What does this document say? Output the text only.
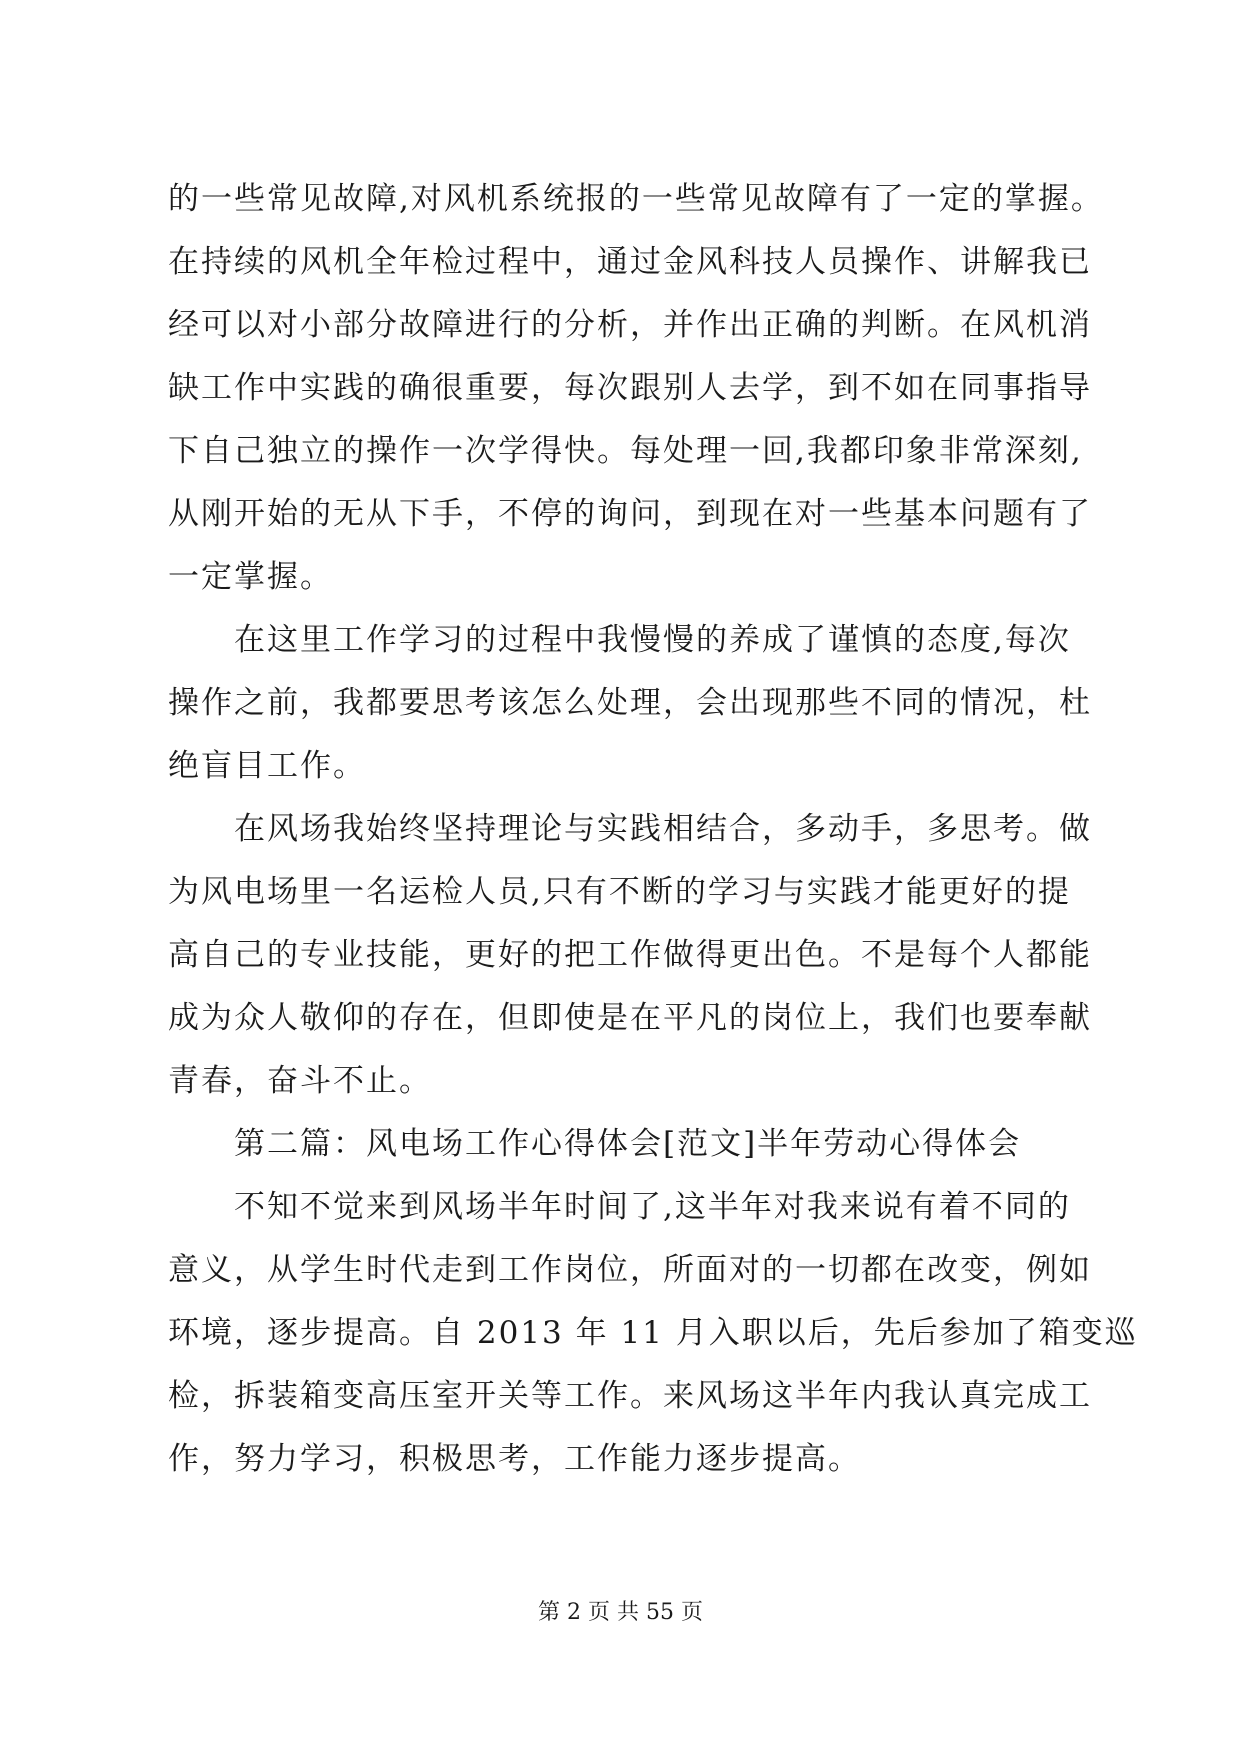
的一些常见故障,对风机系统报的一些常见故障有了一定的掌握。
在持续的风机全年检过程中，通过金风科技人员操作、讲解我已
经可以对小部分故障进行的分析，并作出正确的判断。在风机消
缺工作中实践的确很重要，每次跟别人去学，到不如在同事指导
下自己独立的操作一次学得快。每处理一回,我都印象非常深刻,
从刚开始的无从下手，不停的询问，到现在对一些基本问题有了
一定掌握。
在这里工作学习的过程中我慢慢的养成了谨慎的态度,每次
操作之前，我都要思考该怎么处理，会出现那些不同的情况，杜
绝盲目工作。
在风场我始终坚持理论与实践相结合，多动手，多思考。做
为风电场里一名运检人员,只有不断的学习与实践才能更好的提
高自己的专业技能，更好的把工作做得更出色。不是每个人都能
成为众人敬仰的存在，但即使是在平凡的岗位上，我们也要奉献
青春，奋斗不止。
第二篇：风电场工作心得体会[范文]半年劳动心得体会
不知不觉来到风场半年时间了,这半年对我来说有着不同的
意义，从学生时代走到工作岗位，所面对的一切都在改变，例如
环境，逐步提高。自 2013 年 11 月入职以后，先后参加了箱变巡
检，拆装箱变高压室开关等工作。来风场这半年内我认真完成工
作，努力学习，积极思考，工作能力逐步提高。
第 2 页 共 55 页
